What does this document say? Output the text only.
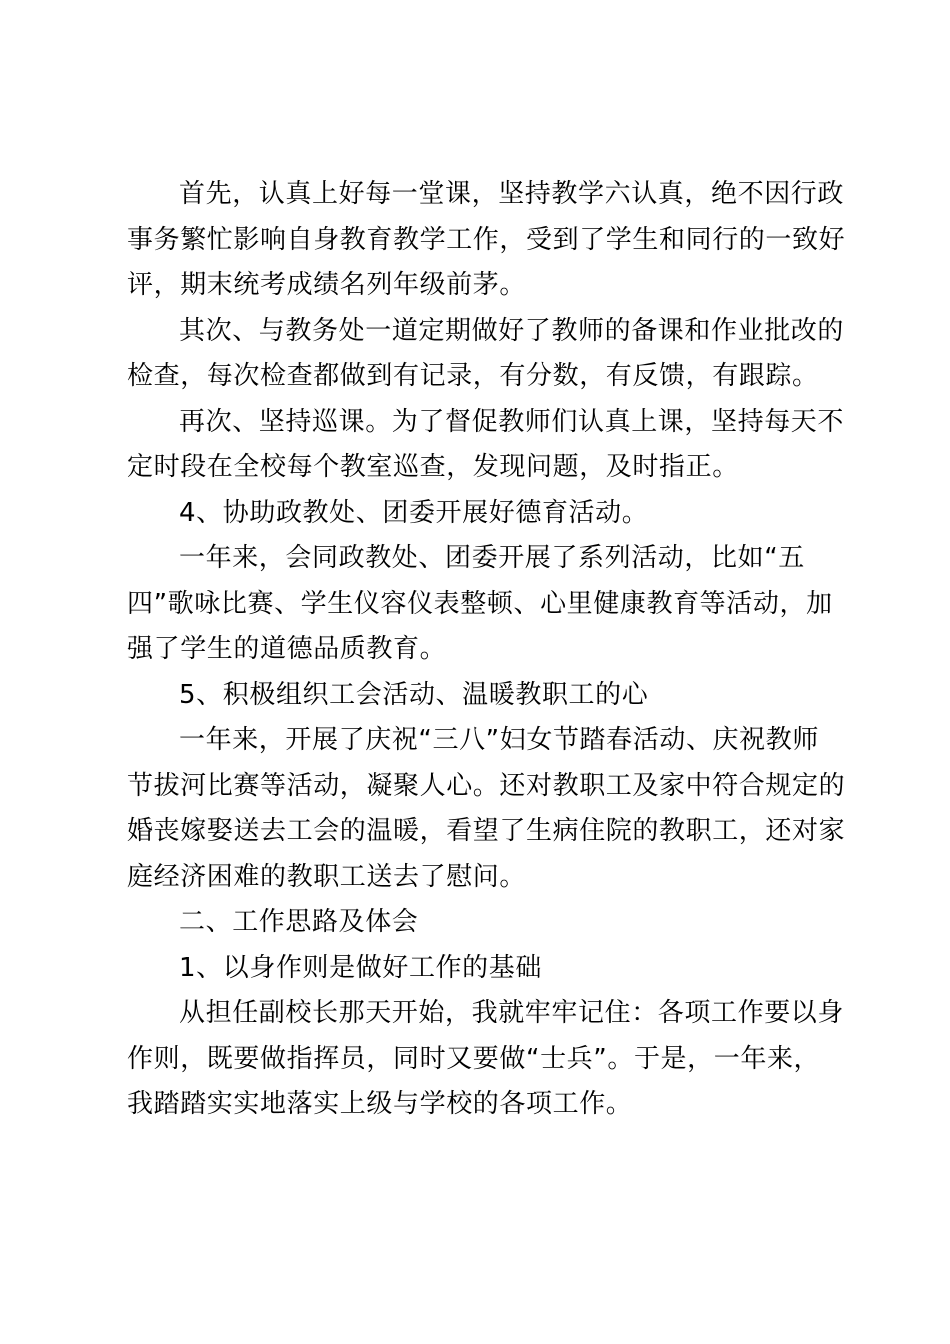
首先，认真上好每一堂课，坚持教学六认真，绝不因行政
事务繁忙影响自身教育教学工作，受到了学生和同行的一致好
评，期末统考成绩名列年级前茅。
其次、与教务处一道定期做好了教师的备课和作业批改的
检查，每次检查都做到有记录，有分数，有反馈，有跟踪。
再次、坚持巡课。为了督促教师们认真上课，坚持每天不
定时段在全校每个教室巡查，发现问题，及时指正。
4、协助政教处、团委开展好德育活动。
一年来，会同政教处、团委开展了系列活动，比如“五
四”歌咏比赛、学生仪容仪表整顿、心里健康教育等活动，加
强了学生的道德品质教育。
5、积极组织工会活动、温暖教职工的心
一年来，开展了庆祝“三八”妇女节踏春活动、庆祝教师
节拔河比赛等活动，凝聚人心。还对教职工及家中符合规定的
婚丧嫁娶送去工会的温暖，看望了生病住院的教职工，还对家
庭经济困难的教职工送去了慰问。
二、工作思路及体会
1、以身作则是做好工作的基础
从担任副校长那天开始，我就牢牢记住：各项工作要以身
作则，既要做指挥员，同时又要做“士兵”。于是，一年来，
我踏踏实实地落实上级与学校的各项工作。
